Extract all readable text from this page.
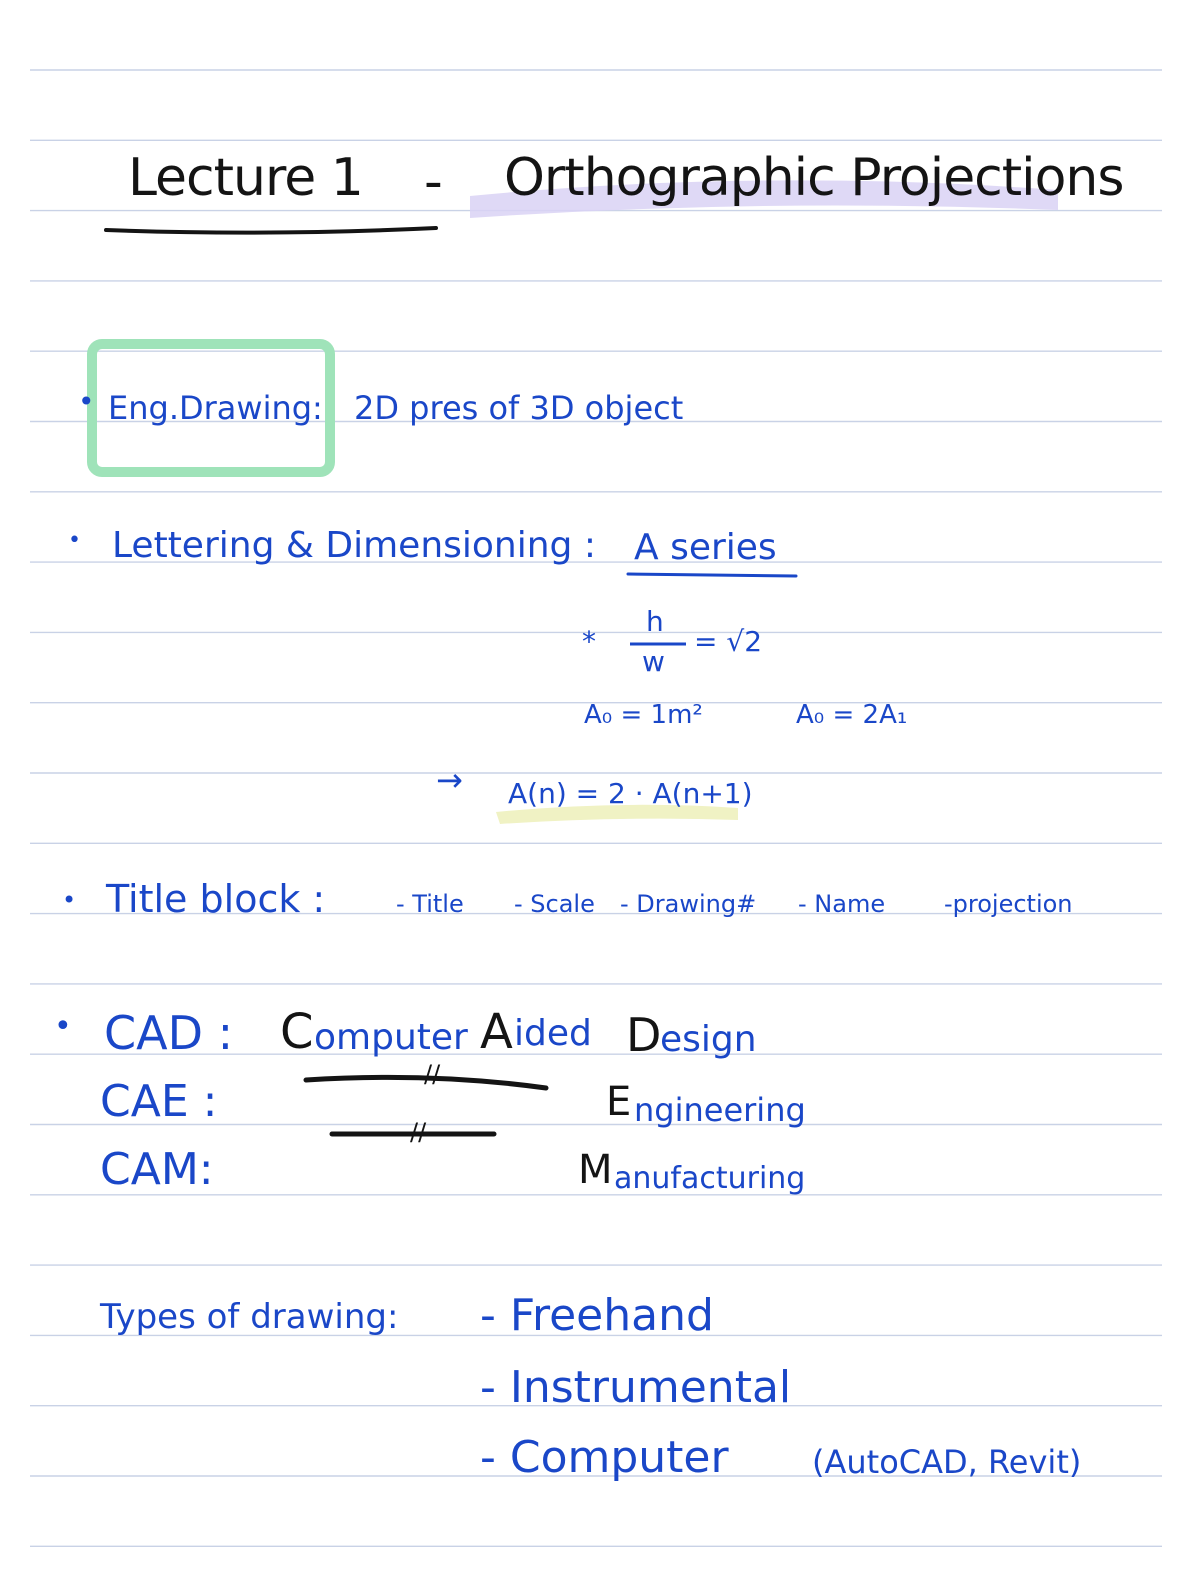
Lecture 1 - Orthographic Projections
• Eng.Drawing: 2D pres of 3D object
• Lettering & Dimensioning : A series
*
h
w
= √2
A₀ = 1m²	A₀ = 2A₁
→ A(n) = 2 · A(n+1)
• Title block :	- Title - Scale - Drawing# - Name -projection
• CAD : C omputer A ided D
esign
CAE :
//
E ngineering
CAM:
//
M anufacturing
Types of drawing: - Freehand
- Instrumental
- Computer	(AutoCAD, Revit)
